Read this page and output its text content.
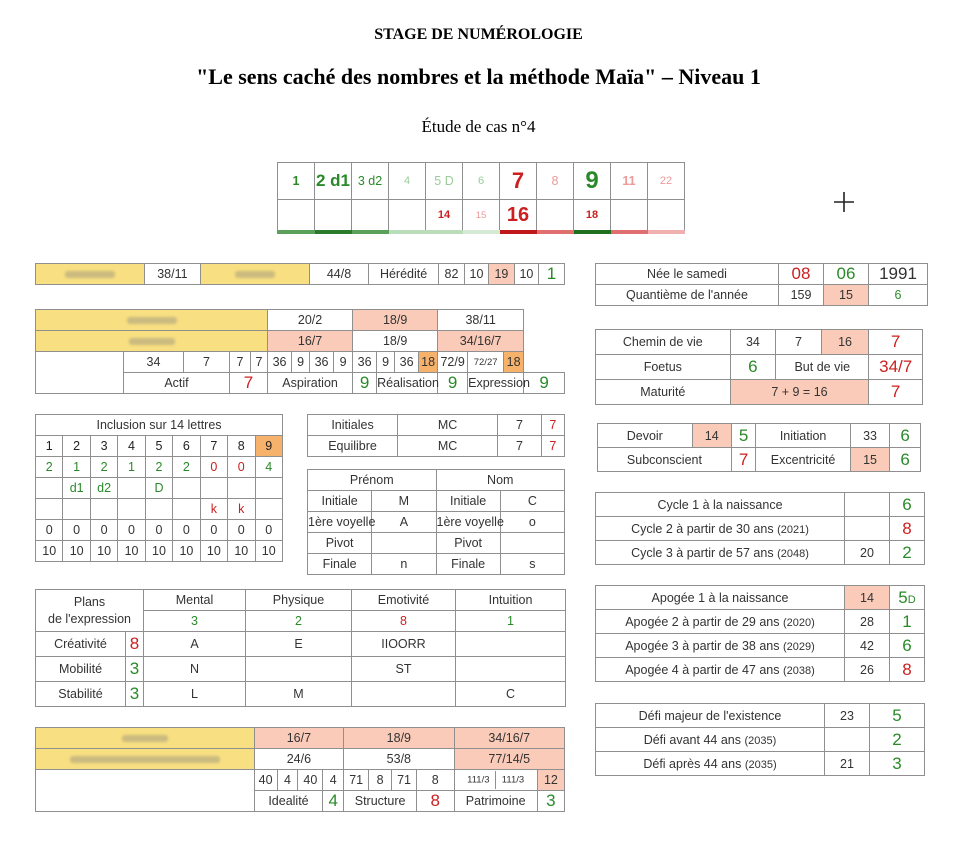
STAGE DE NUMÉROLOGIE
"Le sens caché des nombres et la méthode Maïa" – Niveau 1
Étude de cas n°4
1	2 d1	3 d2	4	5 D	6	7	8	9	11	22
				14	15	16		18		
	38/11		44/8	Hérédité	82	10	19	10	1
					20/2				18/9				38/11			
					16/7				18/9				34/16/7			
	34	7	7	7	36	9	36	9	36	9	36	18	72/9	72/27	18	
	Actif		7		Aspiration				9	Réalisation			9	Expression		9
Inclusion sur 14 lettres								
1	2	3	4	5	6	7	8	9
2	1	2	1	2	2	0	0	4
	d1	d2		D				
						k	k	
0	0	0	0	0	0	0	0	0
10	10	10	10	10	10	10	10	10
Initiales	MC	7	7
Equilibre	MC	7	7
Prénom		Nom	
Initiale	M	Initiale	C
1ère voyelle	A	1ère voyelle	o
Pivot		Pivot	
Finale	n	Finale	s
Plans
de l'expression		Mental	Physique	Emotivité	Intuition
		3	2	8	1
Créativité	8	A	E	IIOORR	
Mobilité	3	N		ST	
Stabilité	3	L	M		C
	16/7				18/9				34/16/7	
	24/6				53/8				77/14/5	
	40	4	40	4	71	8	71	8	111/3 111/3	12
	Idealité			4	Structure			8	Patrimoine	3
Née le samedi	08	06	1991
Quantième de l'année	159	15	6
Chemin de vie	34	7	16	7
Foetus	6	But de vie		34/7
Maturité	7 + 9 = 16			7
Devoir	14	5	Initiation	33	6
Subconscient		7	Excentricité	15	6
Cycle 1 à la naissance		6
Cycle 2 à partir de 30 ans (2021)		8
Cycle 3 à partir de 57 ans (2048)	20	2
Apogée 1 à la naissance	14	5D
Apogée 2 à partir de 29 ans (2020)	28	1
Apogée 3 à partir de 38 ans (2029)	42	6
Apogée 4 à partir de 47 ans (2038)	26	8
Défi majeur de l'existence	23	5
Défi avant 44 ans (2035)		2
Défi après 44 ans (2035)	21	3
